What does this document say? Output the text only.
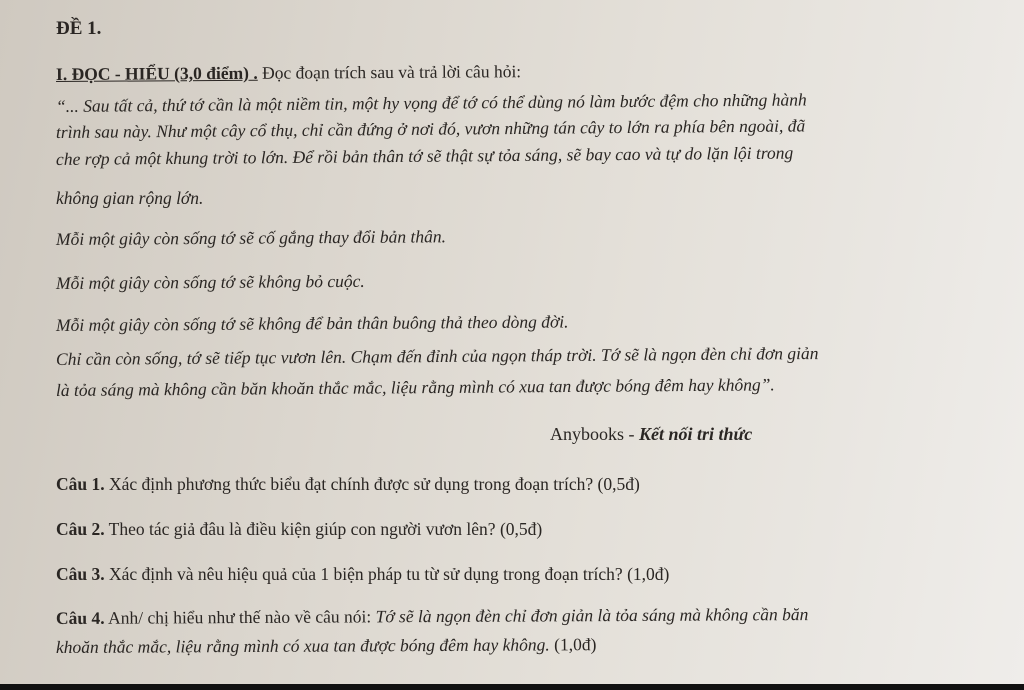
ĐỀ 1.
I. ĐỌC - HIỂU (3,0 điểm) . Đọc đoạn trích sau và trả lời câu hỏi:
“... Sau tất cả, thứ tớ cần là một niềm tin, một hy vọng để tớ có thể dùng nó làm bước đệm cho những hành
trình sau này. Như một cây cổ thụ, chỉ cần đứng ở nơi đó, vươn những tán cây to lớn ra phía bên ngoài, đã
che rợp cả một khung trời to lớn. Để rồi bản thân tớ sẽ thật sự tỏa sáng, sẽ bay cao và tự do lặn lội trong
không gian rộng lớn.
Mỗi một giây còn sống tớ sẽ cố gắng thay đổi bản thân.
Mỗi một giây còn sống tớ sẽ không bỏ cuộc.
Mỗi một giây còn sống tớ sẽ không để bản thân buông thả theo dòng đời.
Chỉ cần còn sống, tớ sẽ tiếp tục vươn lên. Chạm đến đỉnh của ngọn tháp trời. Tớ sẽ là ngọn đèn chỉ đơn giản
là tỏa sáng mà không cần băn khoăn thắc mắc, liệu rằng mình có xua tan được bóng đêm hay không”.
Anybooks - Kết nối tri thức
Câu 1. Xác định phương thức biểu đạt chính được sử dụng trong đoạn trích? (0,5đ)
Câu 2. Theo tác giả đâu là điều kiện giúp con người vươn lên? (0,5đ)
Câu 3. Xác định và nêu hiệu quả của 1 biện pháp tu từ sử dụng trong đoạn trích? (1,0đ)
Câu 4. Anh/ chị hiểu như thế nào về câu nói: Tớ sẽ là ngọn đèn chỉ đơn giản là tỏa sáng mà không cần băn
khoăn thắc mắc, liệu rằng mình có xua tan được bóng đêm hay không. (1,0đ)
